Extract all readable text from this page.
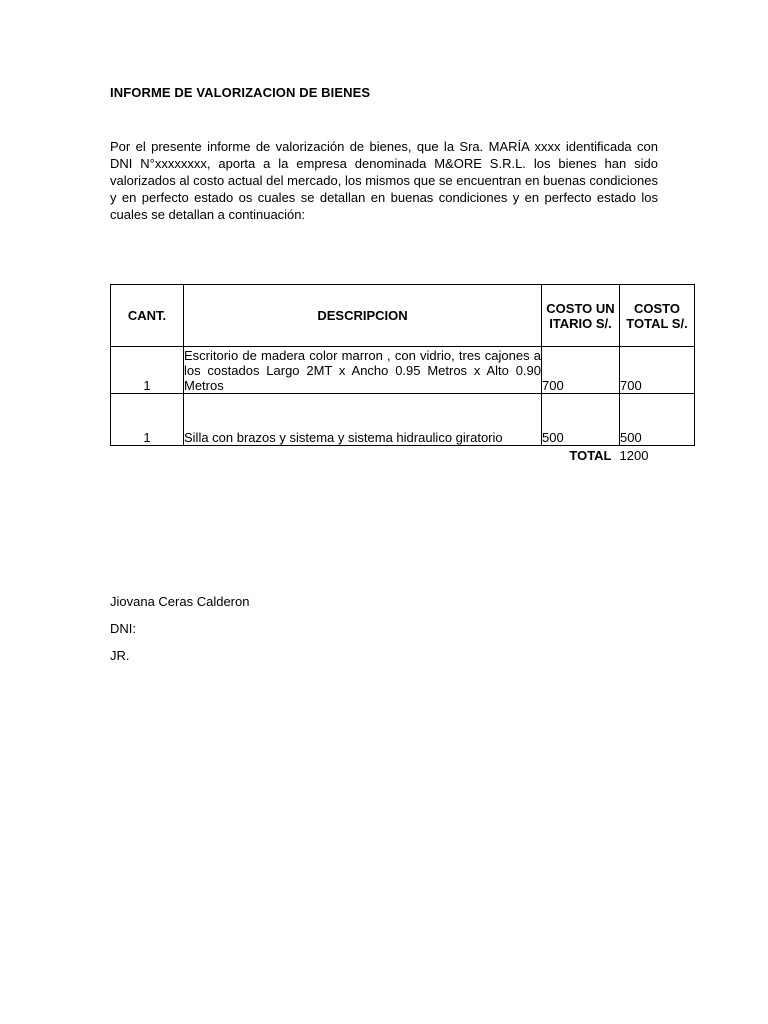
INFORME DE VALORIZACION DE BIENES

Por el presente informe de valorización de bienes, que la Sra. MARÍA xxxx identificada con DNI N°xxxxxxxx, aporta a la empresa denominada M&ORE S.R.L. los bienes han sido valorizados al costo actual del mercado, los mismos que se encuentran en buenas condiciones y en perfecto estado os cuales se detallan en buenas condiciones y en perfecto estado los cuales se detallan a continuación:

CANT.	DESCRIPCION	COSTO UNITARIO S/.	COSTO TOTAL S/.
1	Escritorio de madera color marron , con vidrio, tres cajones a los costados Largo 2MT x Ancho 0.95 Metros x Alto 0.90 Metros	700	700
1	Silla con brazos y sistema y sistema hidraulico giratorio	500	500
		TOTAL	1200
Jiovana Ceras Calderon
DNI:
JR.
